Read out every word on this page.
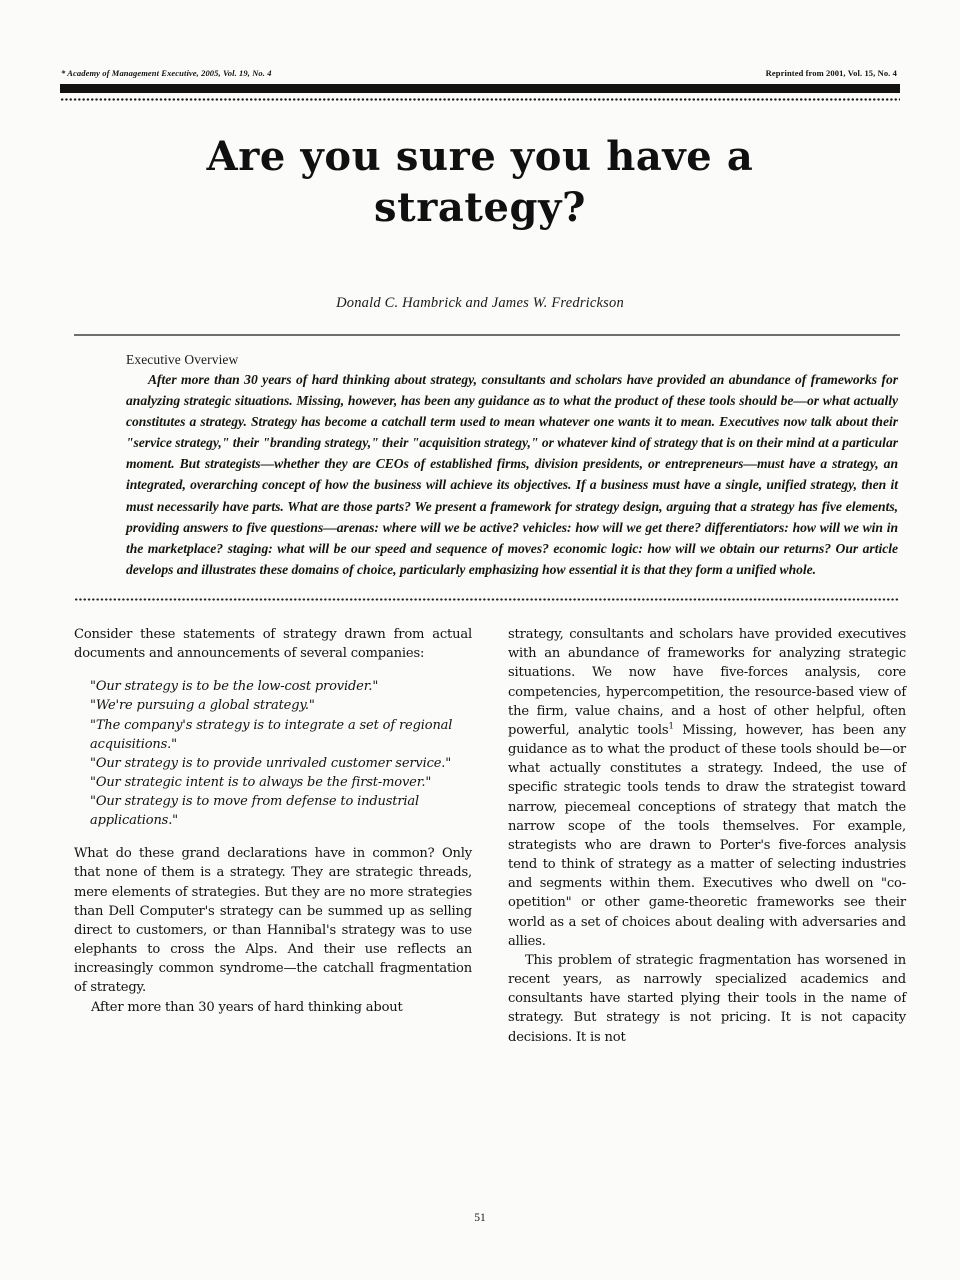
* Academy of Management Executive, 2005, Vol. 19, No. 4	Reprinted from 2001, Vol. 15, No. 4
Are you sure you have a strategy?
Donald C. Hambrick and James W. Fredrickson
Executive Overview
After more than 30 years of hard thinking about strategy, consultants and scholars have provided an abundance of frameworks for analyzing strategic situations. Missing, however, has been any guidance as to what the product of these tools should be—or what actually constitutes a strategy. Strategy has become a catchall term used to mean whatever one wants it to mean. Executives now talk about their "service strategy," their "branding strategy," their "acquisition strategy," or whatever kind of strategy that is on their mind at a particular moment. But strategists—whether they are CEOs of established firms, division presidents, or entrepreneurs—must have a strategy, an integrated, overarching concept of how the business will achieve its objectives. If a business must have a single, unified strategy, then it must necessarily have parts. What are those parts? We present a framework for strategy design, arguing that a strategy has five elements, providing answers to five questions—arenas: where will we be active? vehicles: how will we get there? differentiators: how will we win in the marketplace? staging: what will be our speed and sequence of moves? economic logic: how will we obtain our returns? Our article develops and illustrates these domains of choice, particularly emphasizing how essential it is that they form a unified whole.

Consider these statements of strategy drawn from actual documents and announcements of several companies:

"Our strategy is to be the low-cost provider."

"We're pursuing a global strategy."

"The company's strategy is to integrate a set of regional acquisitions."

"Our strategy is to provide unrivaled customer service."

"Our strategic intent is to always be the first-mover."

"Our strategy is to move from defense to industrial applications."

What do these grand declarations have in common? Only that none of them is a strategy. They are strategic threads, mere elements of strategies. But they are no more strategies than Dell Computer's strategy can be summed up as selling direct to customers, or than Hannibal's strategy was to use elephants to cross the Alps. And their use reflects an increasingly common syndrome—the catchall fragmentation of strategy.

After more than 30 years of hard thinking about

strategy, consultants and scholars have provided executives with an abundance of frameworks for analyzing strategic situations. We now have five-forces analysis, core competencies, hypercompetition, the resource-based view of the firm, value chains, and a host of other helpful, often powerful, analytic tools$^1$ Missing, however, has been any guidance as to what the product of these tools should be—or what actually constitutes a strategy. Indeed, the use of specific strategic tools tends to draw the strategist toward narrow, piecemeal conceptions of strategy that match the narrow scope of the tools themselves. For example, strategists who are drawn to Porter's five-forces analysis tend to think of strategy as a matter of selecting industries and segments within them. Executives who dwell on "co-opetition" or other game-theoretic frameworks see their world as a set of choices about dealing with adversaries and allies.

This problem of strategic fragmentation has worsened in recent years, as narrowly specialized academics and consultants have started plying their tools in the name of strategy. But strategy is not pricing. It is not capacity decisions. It is not

51
